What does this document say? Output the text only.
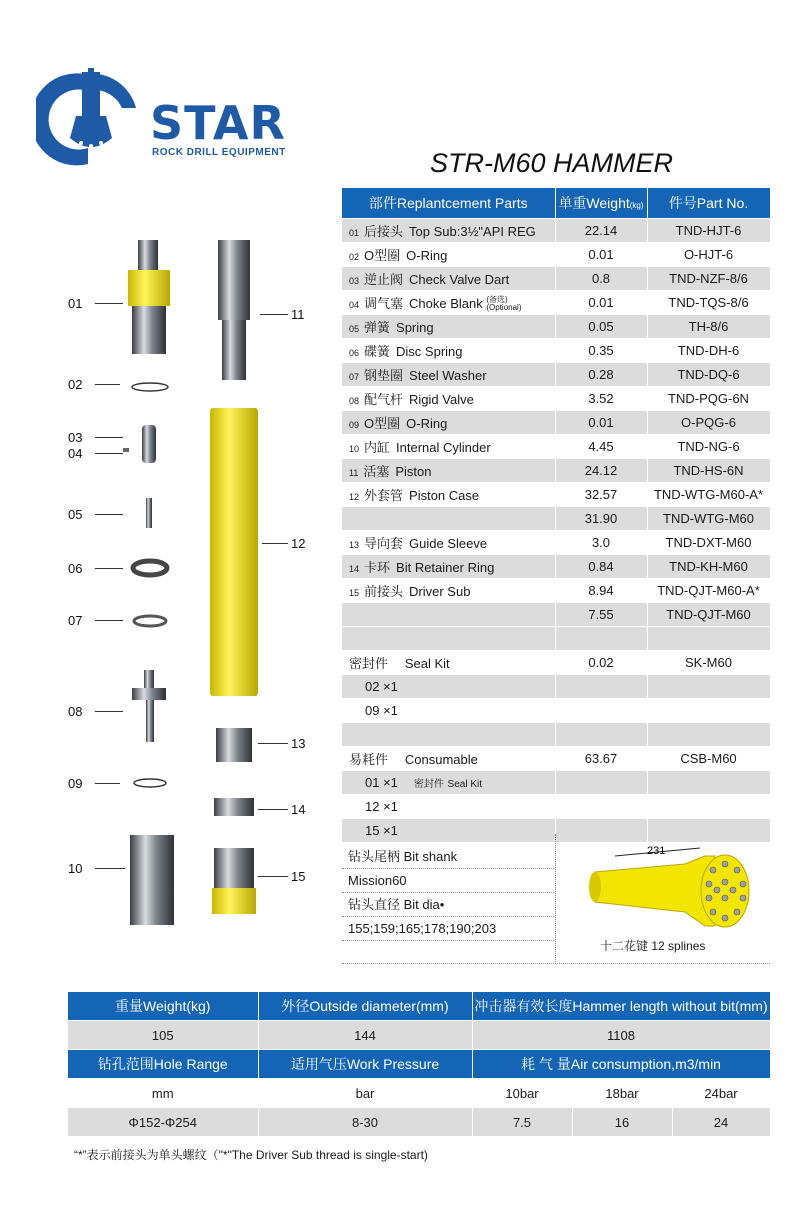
STAR
ROCK DRILL EQUIPMENT	STR-M60 HAMMER
01
02
03
04
05
06
07
08
09
10
11
12
13
14
15
部件Replantcement Parts	单重Weight(kg)	件号Part No.
01 后接头 Top Sub:3½"API REG	22.14	TND-HJT-6
02 O型圈 O-Ring	0.01	O-HJT-6
03 逆止阀 Check Valve Dart	0.8	TND-NZF-8/6
04 调气塞 Choke Blank (备选)
(Optional)	0.01	TND-TQS-8/6
05 弹簧 Spring	0.05	TH-8/6
06 碟簧 Disc Spring	0.35	TND-DH-6
07 钢垫圈 Steel Washer	0.28	TND-DQ-6
08 配气杆 Rigid Valve	3.52	TND-PQG-6N
09 O型圈 O-Ring	0.01	O-PQG-6
10 内缸 Internal Cylinder	4.45	TND-NG-6
11 活塞 Piston	24.12	TND-HS-6N
12 外套管 Piston Case	32.57	TND-WTG-M60-A*
	31.90	TND-WTG-M60
13 导向套 Guide Sleeve	3.0	TND-DXT-M60
14 卡环 Bit Retainer Ring	0.84	TND-KH-M60
15 前接头 Driver Sub	8.94	TND-QJT-M60-A*
	7.55	TND-QJT-M60

密封件 Seal Kit	0.02	SK-M60
02 ×1		
09 ×1		

易耗件 Consumable	63.67	CSB-M60
01 ×1 密封件 Seal Kit		
12 ×1		
15 ×1		
钻头尾柄 Bit shank
Mission60
钻头直径 Bit dia•
155;159;165;178;190;203
231
十二花键 12 splines
重量Weight(kg)	外径Outside diameter(mm)	冲击器有效长度Hammer length without bit(mm)		
105	144	1108		
钻孔范围Hole Range	适用气压Work Pressure	耗 气 量Air consumption,m3/min		
mm	bar	10bar	18bar	24bar
Φ152-Φ254	8-30	7.5	16	24
“*”表示前接头为单头螺纹（"*"The Driver Sub thread is single-start)
